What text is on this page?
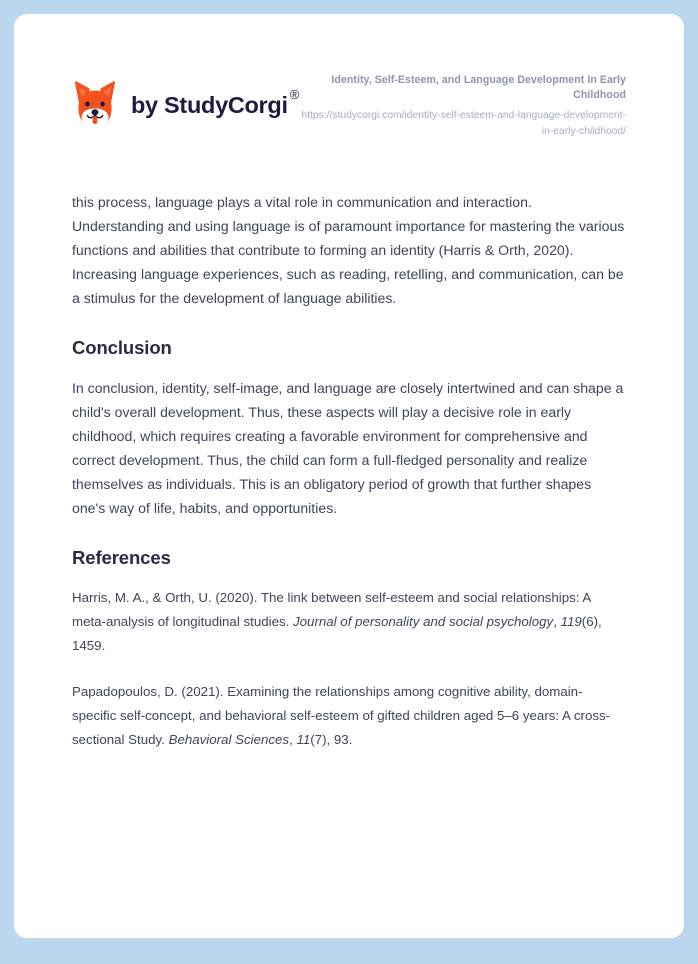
by StudyCorgi ®
Identity, Self-Esteem, and Language Development In Early Childhood
https://studycorgi.com/identity-self-esteem-and-language-development-in-early-childhood/

this process, language plays a vital role in communication and interaction. Understanding and using language is of paramount importance for mastering the various functions and abilities that contribute to forming an identity (Harris & Orth, 2020). Increasing language experiences, such as reading, retelling, and communication, can be a stimulus for the development of language abilities.

Conclusion

In conclusion, identity, self-image, and language are closely intertwined and can shape a child's overall development. Thus, these aspects will play a decisive role in early childhood, which requires creating a favorable environment for comprehensive and correct development. Thus, the child can form a full-fledged personality and realize themselves as individuals. This is an obligatory period of growth that further shapes one's way of life, habits, and opportunities.

References

Harris, M. A., & Orth, U. (2020). The link between self-esteem and social relationships: A meta-analysis of longitudinal studies. Journal of personality and social psychology, 119(6), 1459.

Papadopoulos, D. (2021). Examining the relationships among cognitive ability, domain-specific self-concept, and behavioral self-esteem of gifted children aged 5–6 years: A cross-sectional Study. Behavioral Sciences, 11(7), 93.
